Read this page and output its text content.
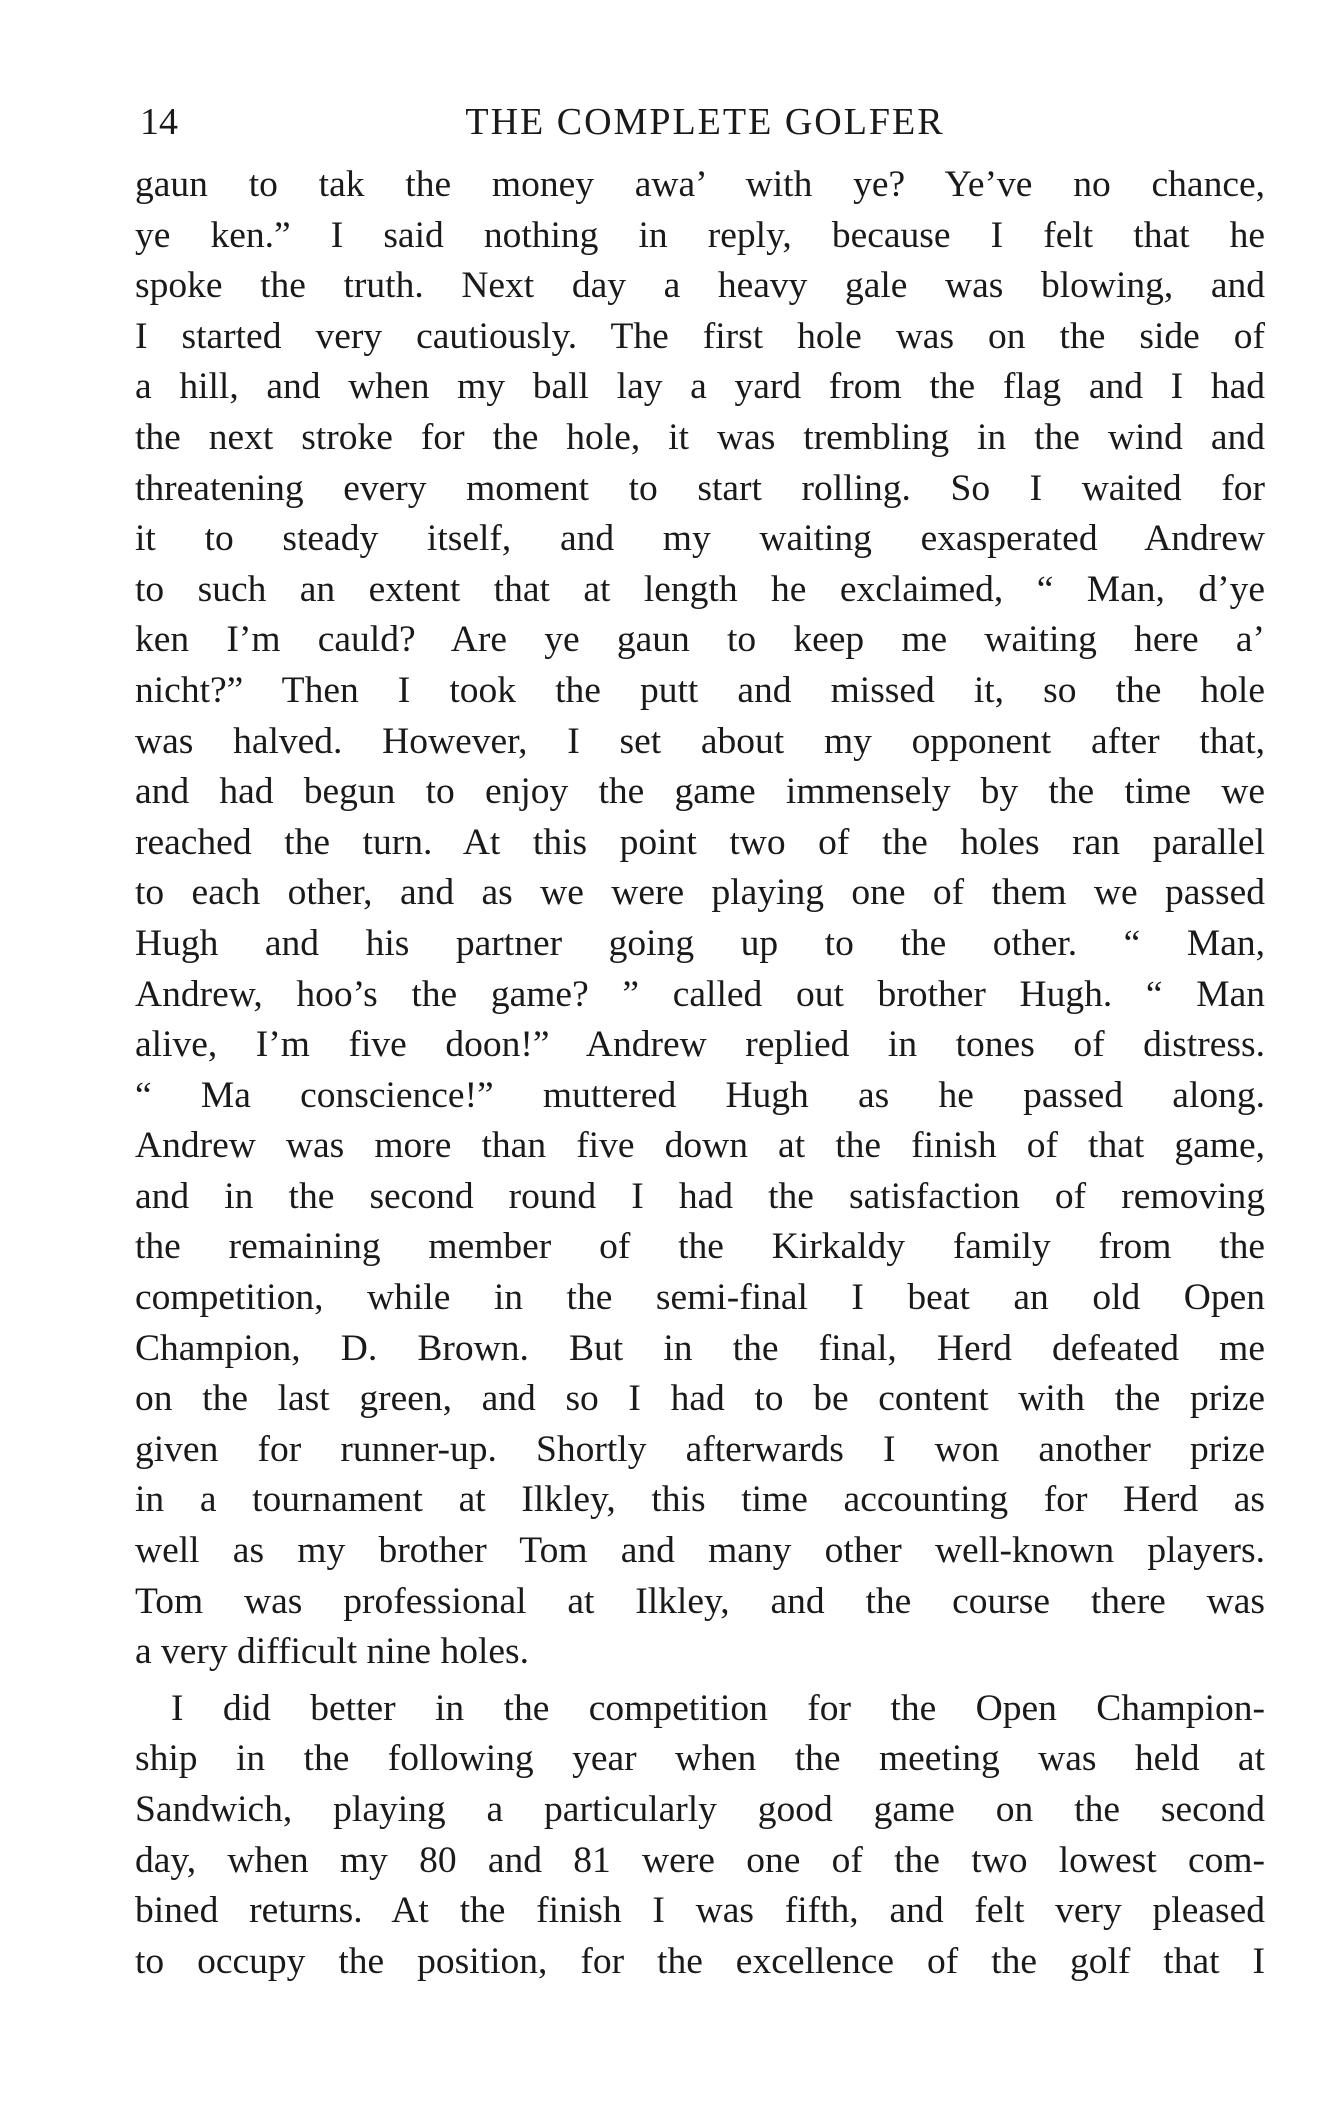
14	THE COMPLETE GOLFER
gaun to tak the money awa’ with ye? Ye’ve no chance,
ye ken.” I said nothing in reply, because I felt that he
spoke the truth. Next day a heavy gale was blowing, and
I started very cautiously. The first hole was on the side of
a hill, and when my ball lay a yard from the flag and I had
the next stroke for the hole, it was trembling in the wind and
threatening every moment to start rolling. So I waited for
it to steady itself, and my waiting exasperated Andrew
to such an extent that at length he exclaimed, “ Man, d’ye
ken I’m cauld? Are ye gaun to keep me waiting here a’
nicht?” Then I took the putt and missed it, so the hole
was halved. However, I set about my opponent after that,
and had begun to enjoy the game immensely by the time we
reached the turn. At this point two of the holes ran parallel
to each other, and as we were playing one of them we passed
Hugh and his partner going up to the other. “ Man,
Andrew, hoo’s the game? ” called out brother Hugh. “ Man
alive, I’m five doon!” Andrew replied in tones of distress.
“ Ma conscience!” muttered Hugh as he passed along.
Andrew was more than five down at the finish of that game,
and in the second round I had the satisfaction of removing
the remaining member of the Kirkaldy family from the
competition, while in the semi-final I beat an old Open
Champion, D. Brown. But in the final, Herd defeated me
on the last green, and so I had to be content with the prize
given for runner-up. Shortly afterwards I won another prize
in a tournament at Ilkley, this time accounting for Herd as
well as my brother Tom and many other well-known players.
Tom was professional at Ilkley, and the course there was
a very difficult nine holes.
I did better in the competition for the Open Champion-
ship in the following year when the meeting was held at
Sandwich, playing a particularly good game on the second
day, when my 80 and 81 were one of the two lowest com-
bined returns. At the finish I was fifth, and felt very pleased
to occupy the position, for the excellence of the golf that I
